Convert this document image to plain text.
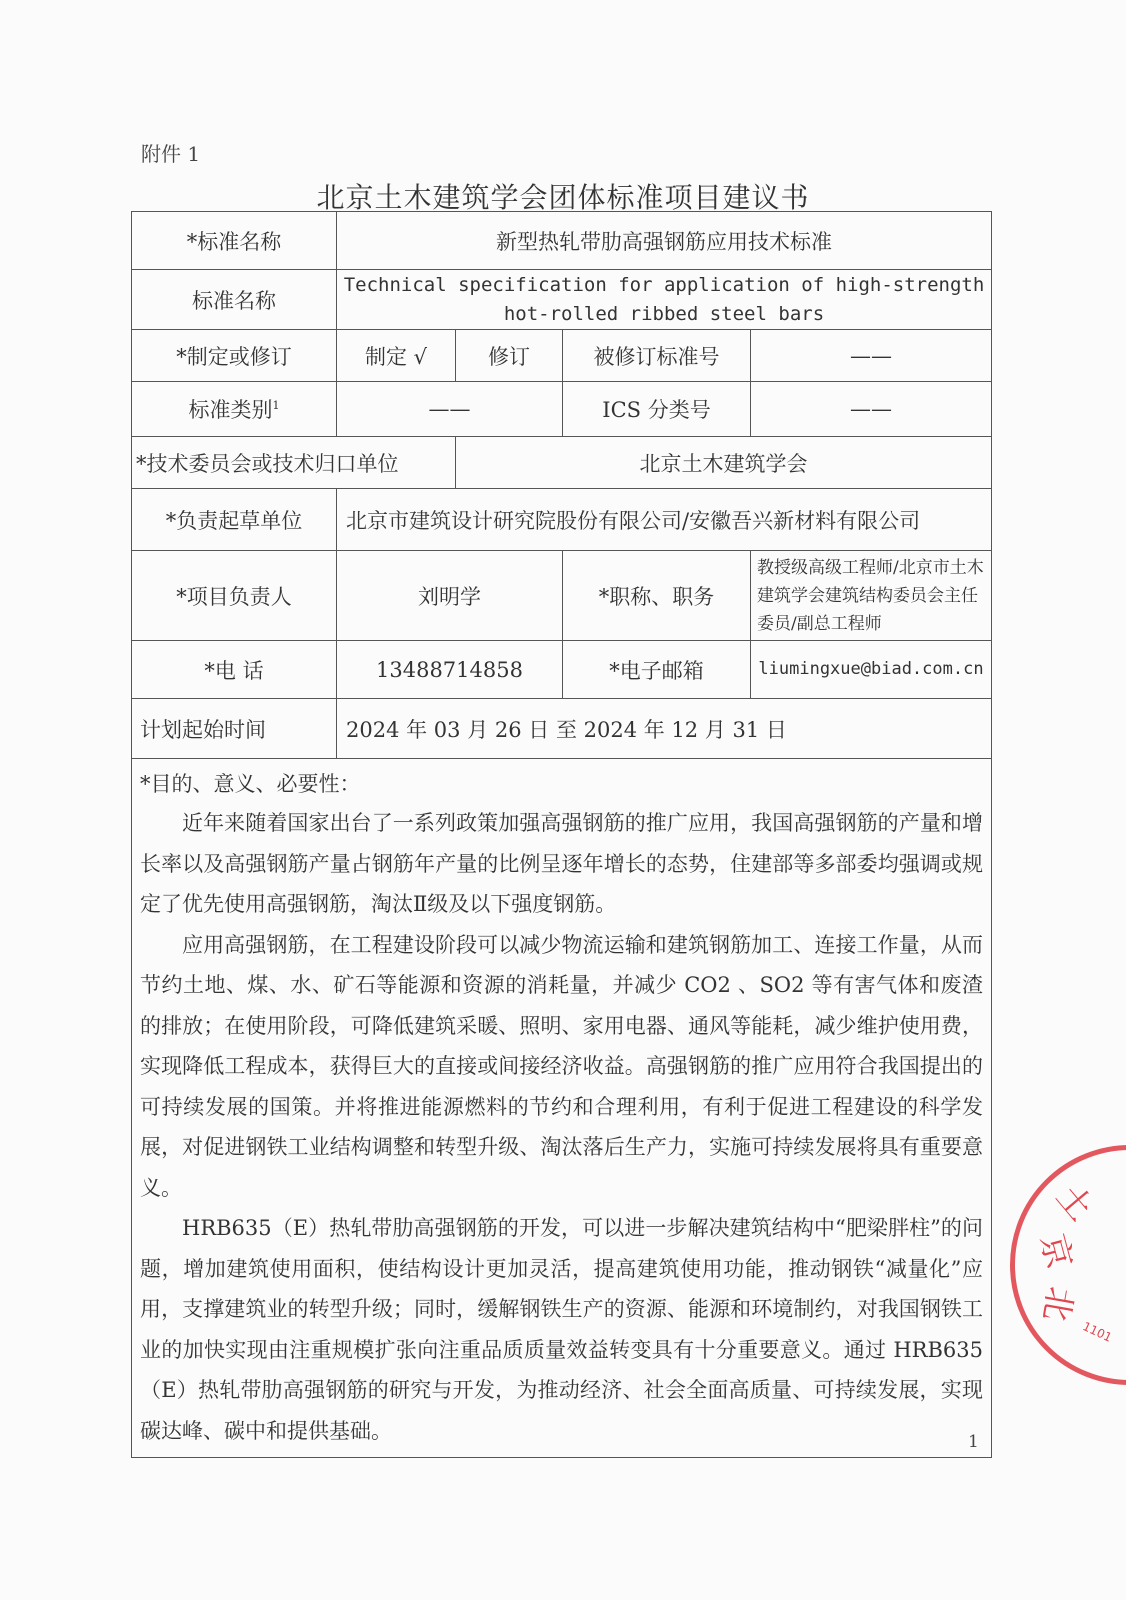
附件 1
北京土木建筑学会团体标准项目建议书
*标准名称	新型热轧带肋高强钢筋应用技术标准			
标准名称	Technical specification for application of high-strength hot-rolled ribbed steel bars			
*制定或修订	制定 √	修订	被修订标准号	——
标准类别$^1$	——		ICS 分类号	——
*技术委员会或技术归口单位		北京土木建筑学会		
*负责起草单位	北京市建筑设计研究院股份有限公司/安徽吾兴新材料有限公司			
*项目负责人	刘明学		*职称、职务	教授级高级工程师/北京市土木建筑学会建筑结构委员会主任委员/副总工程师
*电 话	13488714858		*电子邮箱	liumingxue@biad.com.cn
计划起始时间	2024 年 03 月 26 日 至 2024 年 12 月 31 日			

*目的、意义、必要性：

近年来随着国家出台了一系列政策加强高强钢筋的推广应用，我国高强钢筋的产量和增长率以及高强钢筋产量占钢筋年产量的比例呈逐年增长的态势，住建部等多部委均强调或规定了优先使用高强钢筋，淘汰Ⅱ级及以下强度钢筋。

应用高强钢筋，在工程建设阶段可以减少物流运输和建筑钢筋加工、连接工作量，从而节约土地、煤、水、矿石等能源和资源的消耗量，并减少 CO2 、SO2 等有害气体和废渣的排放；在使用阶段，可降低建筑采暖、照明、家用电器、通风等能耗，减少维护使用费，实现降低工程成本，获得巨大的直接或间接经济收益。高强钢筋的推广应用符合我国提出的可持续发展的国策。并将推进能源燃料的节约和合理利用，有利于促进工程建设的科学发展，对促进钢铁工业结构调整和转型升级、淘汰落后生产力，实施可持续发展将具有重要意义。

HRB635（E）热轧带肋高强钢筋的开发，可以进一步解决建筑结构中“肥梁胖柱”的问题，增加建筑使用面积，使结构设计更加灵活，提高建筑使用功能，推动钢铁“减量化”应用，支撑建筑业的转型升级；同时，缓解钢铁生产的资源、能源和环境制约，对我国钢铁工业的加快实现由注重规模扩张向注重品质质量效益转变具有十分重要意义。通过 HRB635（E）热轧带肋高强钢筋的研究与开发，为推动经济、社会全面高质量、可持续发展，实现碳达峰、碳中和提供基础。				

土
京
北
1101
1
